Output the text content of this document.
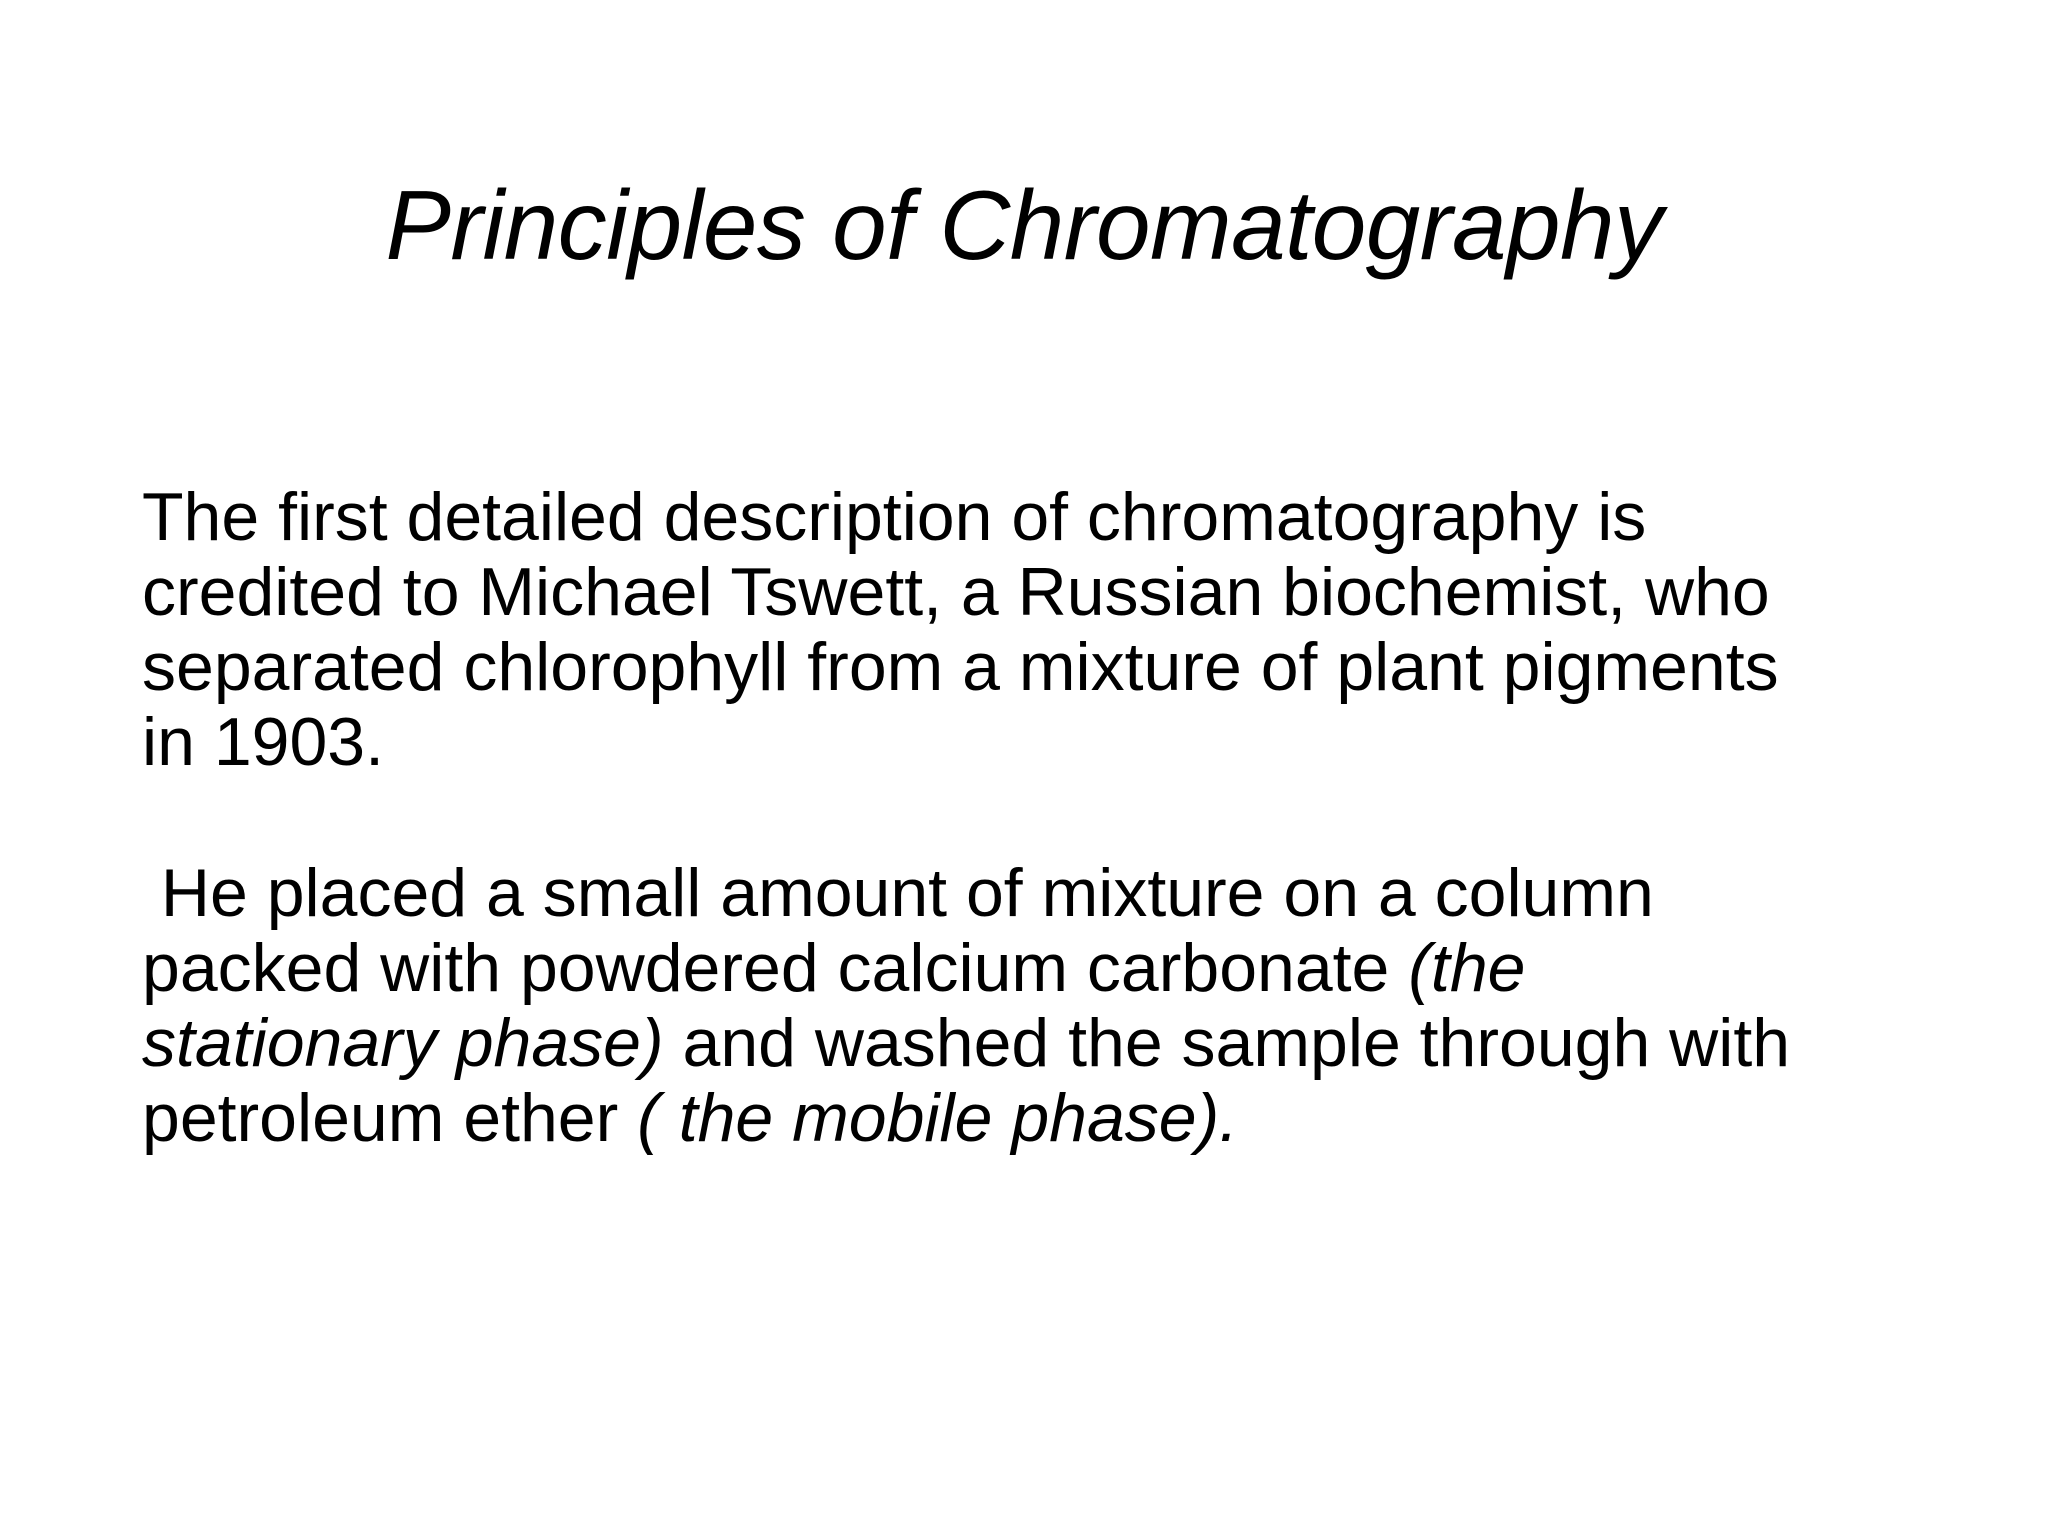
Principles of Chromatography

The first detailed description of chromatography is
credited to Michael Tswett, a Russian biochemist, who
separated chlorophyll from a mixture of plant pigments
in 1903.

He placed a small amount of mixture on a column
packed with powdered calcium carbonate (the
stationary phase) and washed the sample through with
petroleum ether ( the mobile phase).
